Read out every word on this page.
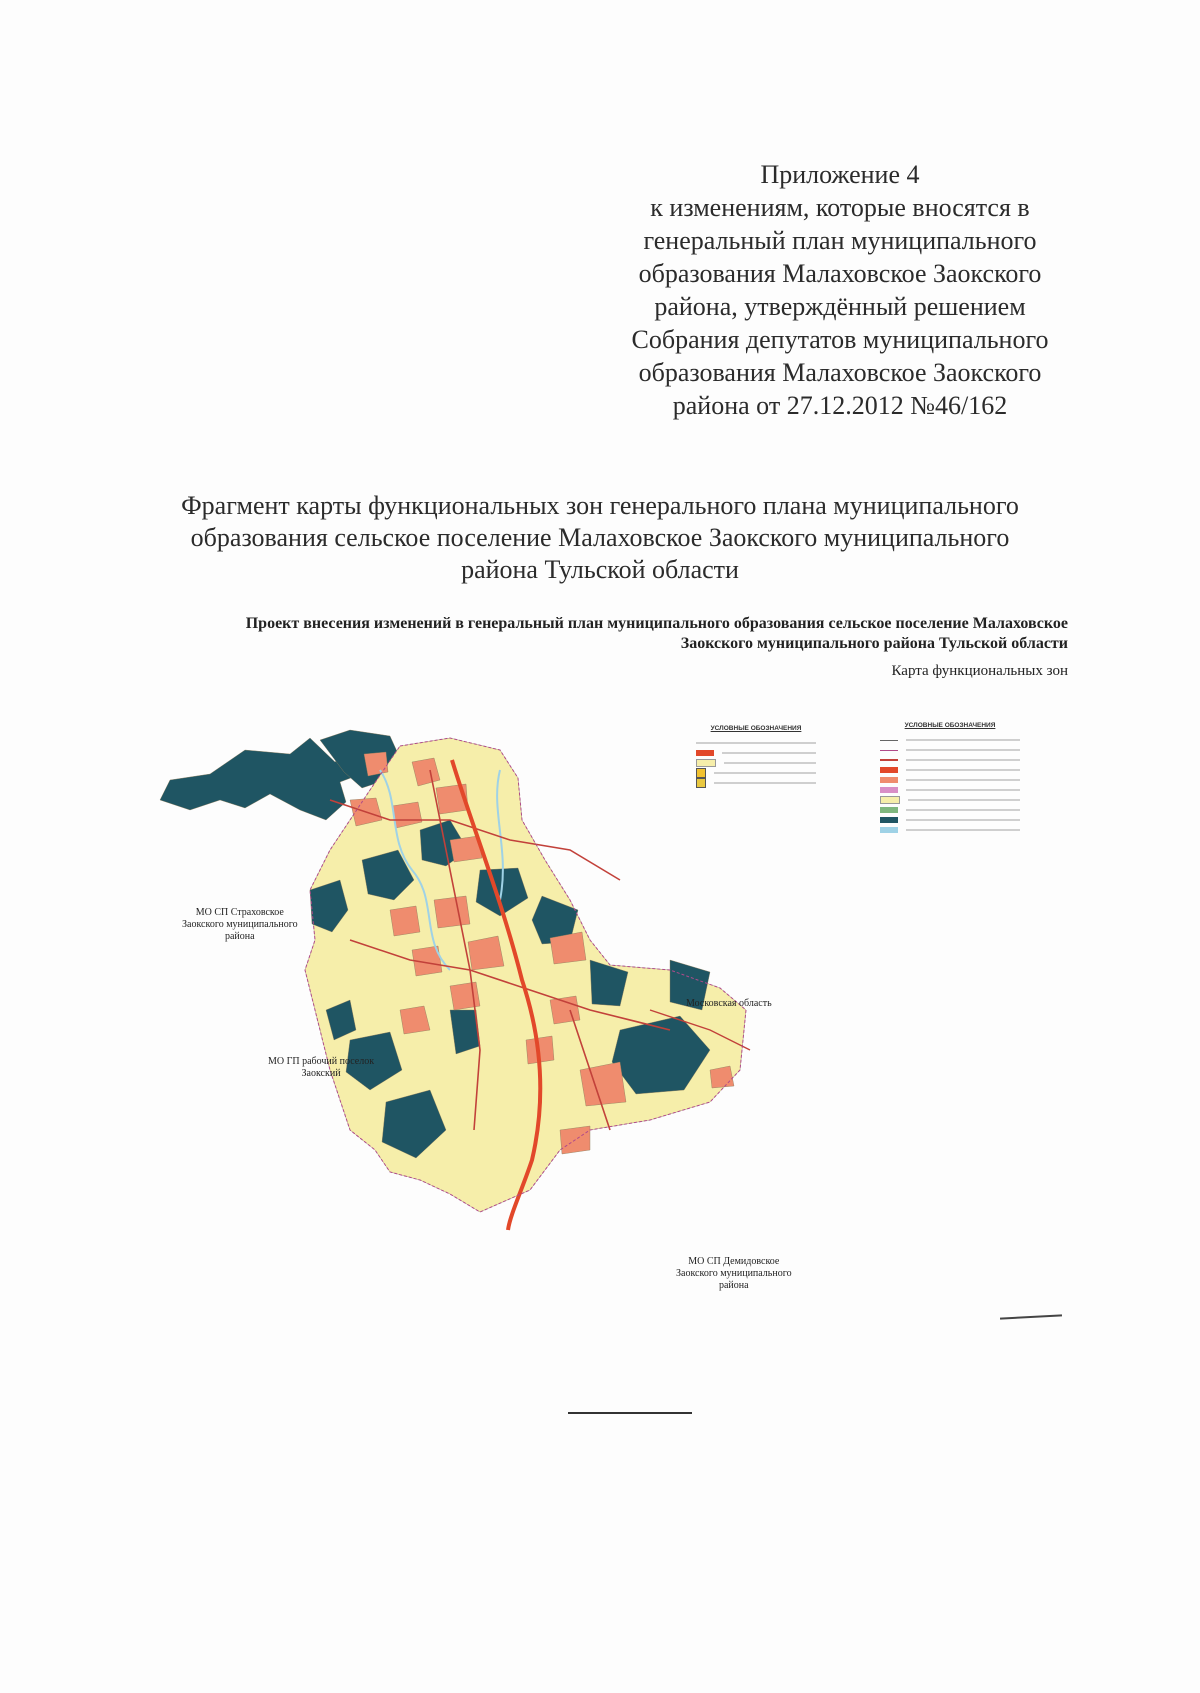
Приложение 4
к изменениям, которые вносятся в
генеральный план муниципального
образования Малаховское Заокского
района, утверждённый решением
Собрания депутатов муниципального
образования Малаховское Заокского
района от 27.12.2012 №46/162
Фрагмент карты функциональных зон генерального плана муниципального
образования сельское поселение Малаховское Заокского муниципального
района Тульской области
Проект внесения изменений в генеральный план муниципального образования сельское поселение Малаховское
Заокского муниципального района Тульской области
Карта функциональных зон
УСЛОВНЫЕ ОБОЗНАЧЕНИЯ	УСЛОВНЫЕ ОБОЗНАЧЕНИЯ
МО СП Страховское
Заокского муниципального
района
Московская область
МО ГП рабочий поселок
Заокский
МО СП Демидовское
Заокского муниципального
района
